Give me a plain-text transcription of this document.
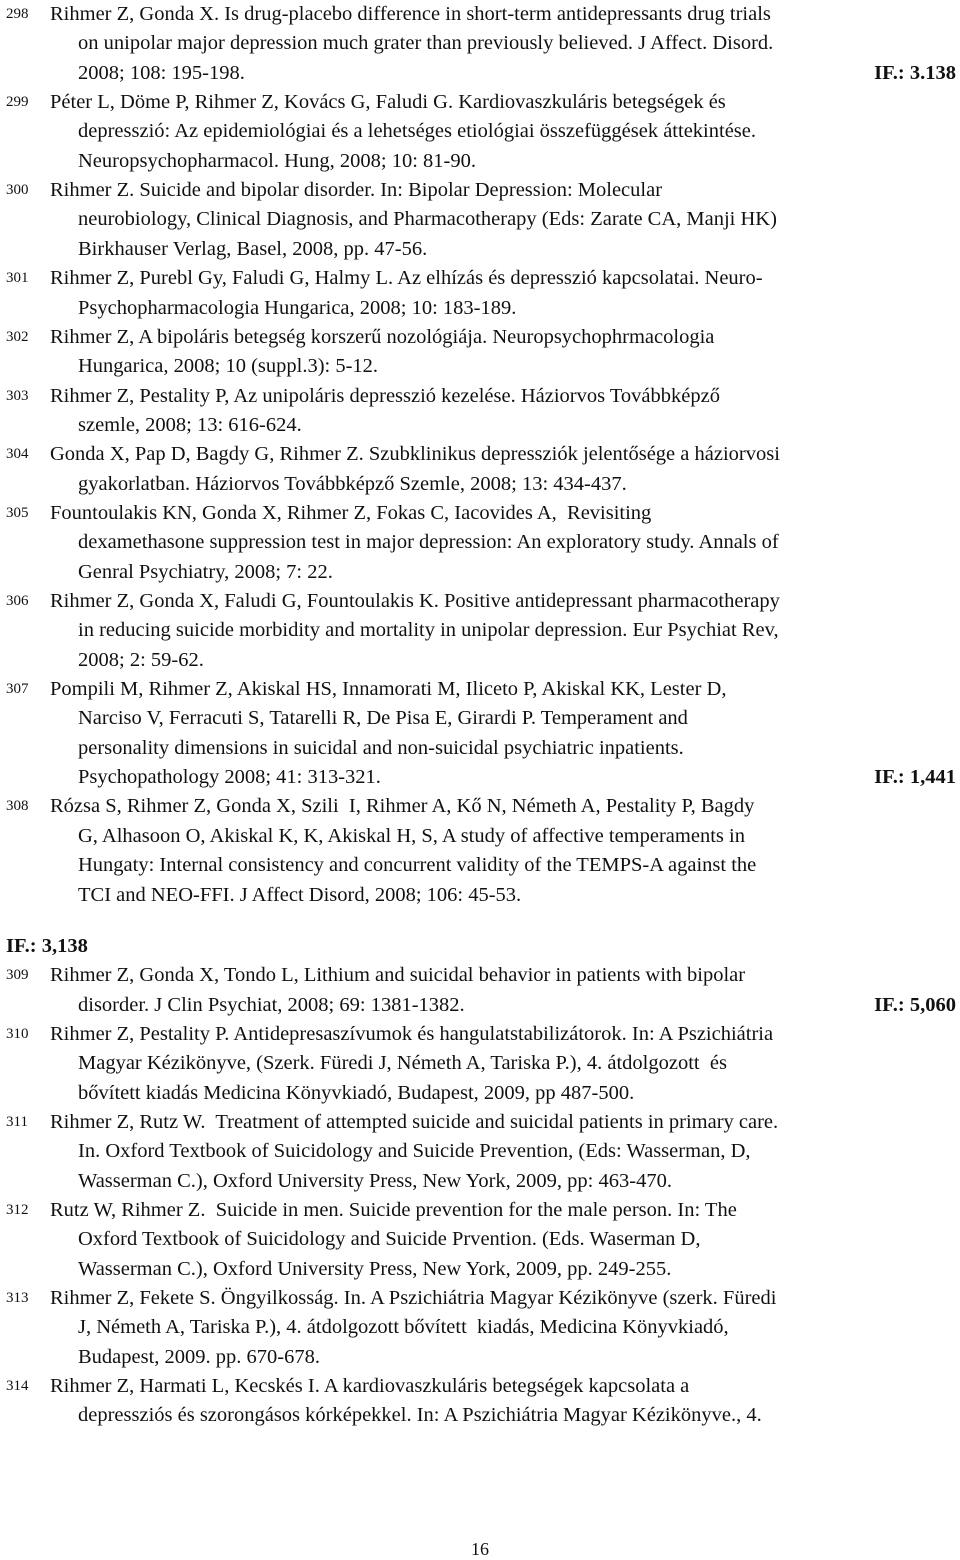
298 Rihmer Z, Gonda X. Is drug-placebo difference in short-term antidepressants drug trials
on unipolar major depression much grater than previously believed. J Affect. Disord.
2008; 108: 195-198.	IF.: 3.138
299 Péter L, Döme P, Rihmer Z, Kovács G, Faludi G. Kardiovaszkuláris betegségek és
depresszió: Az epidemiológiai és a lehetséges etiológiai összefüggések áttekintése.
Neuropsychopharmacol. Hung, 2008; 10: 81-90.
300 Rihmer Z. Suicide and bipolar disorder. In: Bipolar Depression: Molecular
neurobiology, Clinical Diagnosis, and Pharmacotherapy (Eds: Zarate CA, Manji HK)
Birkhauser Verlag, Basel, 2008, pp. 47-56.
301 Rihmer Z, Purebl Gy, Faludi G, Halmy L. Az elhízás és depresszió kapcsolatai. Neuro-
Psychopharmacologia Hungarica, 2008; 10: 183-189.
302 Rihmer Z, A bipoláris betegség korszerű nozológiája. Neuropsychophrmacologia
Hungarica, 2008; 10 (suppl.3): 5-12.
303 Rihmer Z, Pestality P, Az unipoláris depresszió kezelése. Háziorvos Továbbképző
szemle, 2008; 13: 616-624.
304 Gonda X, Pap D, Bagdy G, Rihmer Z. Szubklinikus depressziók jelentősége a háziorvosi
gyakorlatban. Háziorvos Továbbképző Szemle, 2008; 13: 434-437.
305 Fountoulakis KN, Gonda X, Rihmer Z, Fokas C, Iacovides A,  Revisiting
dexamethasone suppression test in major depression: An exploratory study. Annals of
Genral Psychiatry, 2008; 7: 22.
306 Rihmer Z, Gonda X, Faludi G, Fountoulakis K. Positive antidepressant pharmacotherapy
in reducing suicide morbidity and mortality in unipolar depression. Eur Psychiat Rev,
2008; 2: 59-62.
307 Pompili M, Rihmer Z, Akiskal HS, Innamorati M, Iliceto P, Akiskal KK, Lester D,
Narciso V, Ferracuti S, Tatarelli R, De Pisa E, Girardi P. Temperament and
personality dimensions in suicidal and non-suicidal psychiatric inpatients.
Psychopathology 2008; 41: 313-321.	IF.: 1,441
308 Rózsa S, Rihmer Z, Gonda X, Szili  I, Rihmer A, Kő N, Németh A, Pestality P, Bagdy
G, Alhasoon O, Akiskal K, K, Akiskal H, S, A study of affective temperaments in
Hungaty: Internal consistency and concurrent validity of the TEMPS-A against the
TCI and NEO-FFI. J Affect Disord, 2008; 106: 45-53.
IF.: 3,138
309 Rihmer Z, Gonda X, Tondo L, Lithium and suicidal behavior in patients with bipolar
disorder. J Clin Psychiat, 2008; 69: 1381-1382.	IF.: 5,060
310 Rihmer Z, Pestality P. Antidepresaszívumok és hangulatstabilizátorok. In: A Pszichiátria
Magyar Kézikönyve, (Szerk. Füredi J, Németh A, Tariska P.), 4. átdolgozott  és
bővített kiadás Medicina Könyvkiadó, Budapest, 2009, pp 487-500.
311 Rihmer Z, Rutz W.  Treatment of attempted suicide and suicidal patients in primary care.
In. Oxford Textbook of Suicidology and Suicide Prevention, (Eds: Wasserman, D,
Wasserman C.), Oxford University Press, New York, 2009, pp: 463-470.
312 Rutz W, Rihmer Z.  Suicide in men. Suicide prevention for the male person. In: The
Oxford Textbook of Suicidology and Suicide Prvention. (Eds. Waserman D,
Wasserman C.), Oxford University Press, New York, 2009, pp. 249-255.
313 Rihmer Z, Fekete S. Öngyilkosság. In. A Pszichiátria Magyar Kézikönyve (szerk. Füredi
J, Németh A, Tariska P.), 4. átdolgozott bővített  kiadás, Medicina Könyvkiadó,
Budapest, 2009. pp. 670-678.
314 Rihmer Z, Harmati L, Kecskés I. A kardiovaszkuláris betegségek kapcsolata a
depressziós és szorongásos kórképekkel. In: A Pszichiátria Magyar Kézikönyve., 4.
16
